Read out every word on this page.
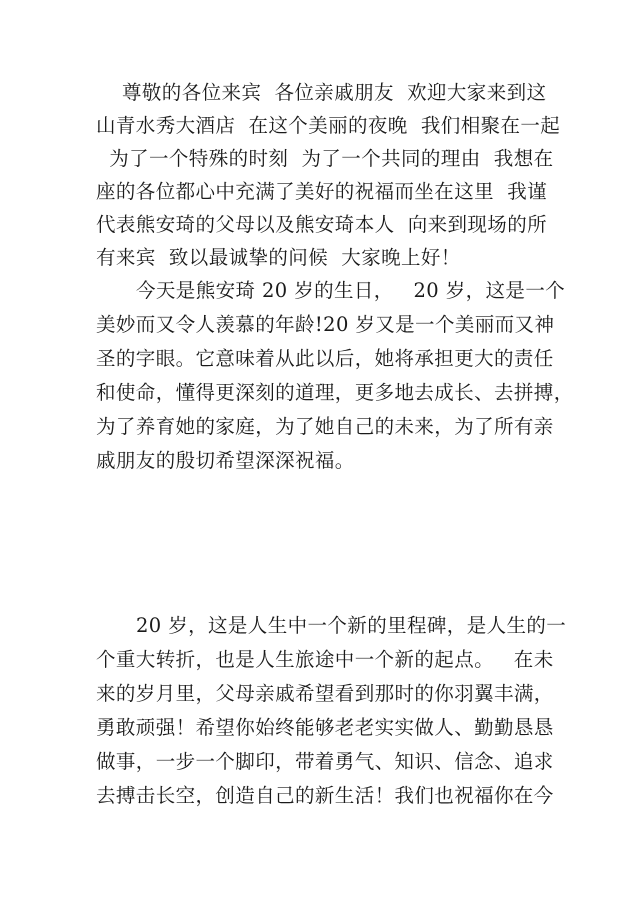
尊敬的各位来宾  各位亲戚朋友  欢迎大家来到这
山青水秀大酒店  在这个美丽的夜晚  我们相聚在一起
为了一个特殊的时刻  为了一个共同的理由  我想在
座的各位都心中充满了美好的祝福而坐在这里  我谨
代表熊安琦的父母以及熊安琦本人  向来到现场的所
有来宾  致以最诚挚的问候  大家晚上好！
今天是熊安琦 20 岁的生日，   20 岁，这是一个
美妙而又令人羡慕的年龄!20 岁又是一个美丽而又神
圣的字眼。它意味着从此以后，她将承担更大的责任
和使命，懂得更深刻的道理，更多地去成长、去拼搏，
为了养育她的家庭，为了她自己的未来，为了所有亲
戚朋友的殷切希望深深祝福。
20 岁，这是人生中一个新的里程碑，是人生的一
个重大转折，也是人生旅途中一个新的起点。   在未
来的岁月里，父母亲戚希望看到那时的你羽翼丰满，
勇敢顽强！希望你始终能够老老实实做人、勤勤恳恳
做事，一步一个脚印，带着勇气、知识、信念、追求
去搏击长空，创造自己的新生活！我们也祝福你在今
